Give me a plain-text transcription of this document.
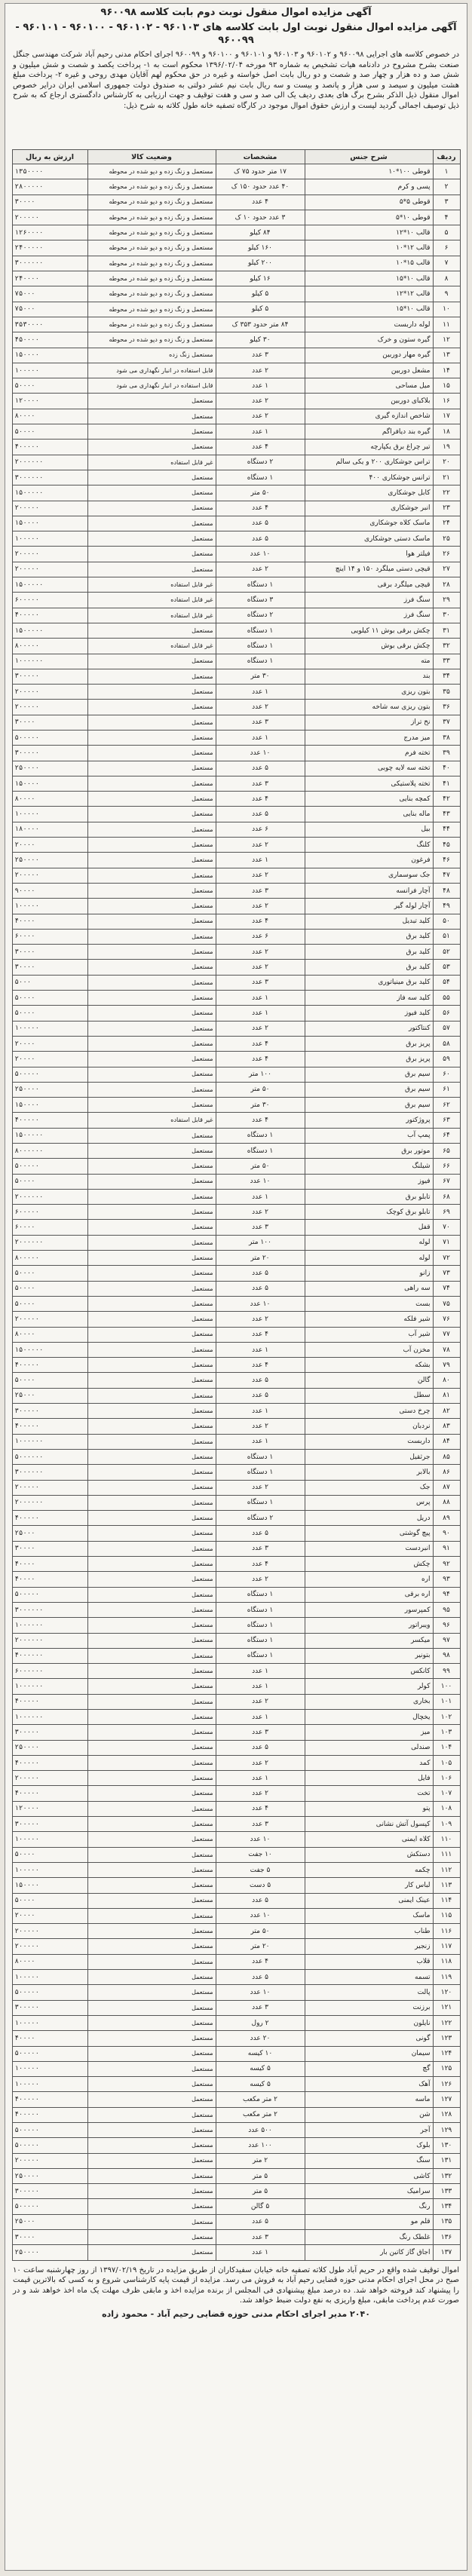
آگهی مزایده اموال منقول نوبت دوم بابت کلاسه ۹۶۰۰۹۸
آگهی مزایده اموال منقول نوبت اول بابت کلاسه های ۹۶۰۱۰۳ - ۹۶۰۱۰۲ - ۹۶۰۱۰۰ - ۹۶۰۱۰۱ - ۹۶۰۰۹۹
در خصوص کلاسه های اجرایی ۹۶۰۰۹۸ و ۹۶۰۱۰۲ و ۹۶۰۱۰۳ و ۹۶۰۱۰۱ و ۹۶۰۱۰۰ و ۹۶۰۰۹۹ اجرای احکام مدنی رحیم آباد شرکت مهندسی جنگل صنعت بشرح مشروح در دادنامه هیات تشخیص به شماره ۹۳ مورخه ۱۳۹۶/۰۲/۰۴ محکوم است به ۱- پرداخت یکصد و شصت و شش میلیون و شش صد و ده هزار و چهار صد و شصت و دو ریال بابت اصل خواسته و غیره در حق محکوم لهم آقایان مهدی روحی و غیره ۲- پرداخت مبلغ هشت میلیون و سیصد و سی هزار و پانصد و بیست و سه ریال بابت نیم عشر دولتی به صندوق دولت جمهوری اسلامی ایران درایر خصوص اموال منقول ذیل الذکر بشرح برگ های بعدی ردیف یک الی صد و سی و هفت توقیف و جهت ارزیابی به کارشناس دادگستری ارجاع که به شرح ذیل توصیف اجمالی گردید لیست و ارزش حقوق اموال موجود در کارگاه تصفیه خانه طول کلاته به شرح ذیل:
ردیف	شرح جنس	مشخصات	وضعیت کالا	ارزش به ریال
۱	قوطی ۱۰۰*۱۰	۱۷ متر حدود ۷۵ ک	مستعمل و زنگ زده و دپو شده در محوطه	۱۳۵۰۰۰۰
۲	پسی و کرم	۴۰ عدد حدود ۱۵۰ ک	مستعمل و زنگ زده و دپو شده در محوطه	۲۸۰۰۰۰۰
۳	قوطی ۵*۵	۴ عدد	مستعمل و زنگ زده و دپو شده در محوطه	۳۰۰۰۰
۴	قوطی ۱۰*۵	۳ عدد حدود ۱۰ ک	مستعمل و زنگ زده و دپو شده در محوطه	۲۰۰۰۰۰
۵	قالب ۱۰*۱۲	۸۴ کیلو	مستعمل و زنگ زده و دپو شده در محوطه	۱۲۶۰۰۰۰
۶	قالب ۱۲*۱۰	۱۶۰ کیلو	مستعمل و زنگ زده و دپو شده در محوطه	۲۴۰۰۰۰۰
۷	قالب ۱۵*۱۰	۲۰۰ کیلو	مستعمل و زنگ زده و دپو شده در محوطه	۳۰۰۰۰۰۰
۸	قالب ۱۰*۱۵	۱۶ کیلو	مستعمل و زنگ زده و دپو شده در محوطه	۲۴۰۰۰۰
۹	قالب ۱۲*۱۲	۵ کیلو	مستعمل و زنگ زده و دپو شده در محوطه	۷۵۰۰۰
۱۰	قالب ۱۰*۱۵	۵ کیلو	مستعمل و زنگ زده و دپو شده در محوطه	۷۵۰۰۰
۱۱	لوله داربست	۸۴ متر حدود ۳۵۳ ک	مستعمل و زنگ زده و دپو شده در محوطه	۳۵۳۰۰۰۰
۱۲	گیره ستون و خرک	۳۰ کیلو	مستعمل و زنگ زده و دپو شده در محوطه	۴۵۰۰۰۰
۱۳	گیره مهار دوربین	۳ عدد	مستعمل زنگ زده	۱۵۰۰۰۰
۱۴	مشعل دوربین	۲ عدد	قابل استفاده در انبار نگهداری می شود	۱۰۰۰۰۰
۱۵	میل مساحی	۱ عدد	قابل استفاده در انبار نگهداری می شود	۵۰۰۰۰
۱۶	بلاکبای دوربین	۲ عدد	مستعمل	۱۲۰۰۰۰
۱۷	شاخص اندازه گیری	۲ عدد	مستعمل	۸۰۰۰۰
۱۸	گیره بند دیافراگم	۱ عدد	مستعمل	۵۰۰۰۰
۱۹	تیر چراغ برق یکپارچه	۴ عدد	مستعمل	۴۰۰۰۰۰
۲۰	تراس جوشکاری ۲۰۰ و یکی سالم	۲ دستگاه	غیر قابل استفاده	۲۰۰۰۰۰۰
۲۱	ترانس جوشکاری ۴۰۰	۱ دستگاه	مستعمل	۳۰۰۰۰۰۰
۲۲	کابل جوشکاری	۵۰ متر	مستعمل	۱۵۰۰۰۰۰
۲۳	انبر جوشکاری	۴ عدد	مستعمل	۲۰۰۰۰۰
۲۴	ماسک کلاه جوشکاری	۵ عدد	مستعمل	۱۵۰۰۰۰
۲۵	ماسک دستی جوشکاری	۵ عدد	مستعمل	۱۰۰۰۰۰
۲۶	فیلتر هوا	۱۰ عدد	مستعمل	۲۰۰۰۰۰
۲۷	قیچی دستی میلگرد ۱۵۰ و ۱۴ اینچ	۲ عدد	مستعمل	۲۰۰۰۰۰
۲۸	قیچی میلگرد برقی	۱ دستگاه	غیر قابل استفاده	۱۵۰۰۰۰۰
۲۹	سنگ فرز	۳ دستگاه	غیر قابل استفاده	۶۰۰۰۰۰
۳۰	سنگ فرز	۲ دستگاه	غیر قابل استفاده	۴۰۰۰۰۰
۳۱	چکش برقی بوش ۱۱ کیلویی	۱ دستگاه	مستعمل	۱۵۰۰۰۰۰
۳۲	چکش برقی بوش	۱ دستگاه	غیر قابل استفاده	۸۰۰۰۰۰
۳۳	مته	۱ دستگاه	مستعمل	۱۰۰۰۰۰۰
۳۴	بند	۳۰ متر	مستعمل	۳۰۰۰۰۰
۳۵	بتون ریزی	۱ عدد	مستعمل	۲۰۰۰۰۰
۳۶	بتون ریزی سه شاخه	۲ عدد	مستعمل	۲۰۰۰۰۰
۳۷	نخ تراز	۳ عدد	مستعمل	۳۰۰۰۰
۳۸	میز مدرج	۱ عدد	مستعمل	۵۰۰۰۰۰
۳۹	تخته فرم	۱۰ عدد	مستعمل	۳۰۰۰۰۰
۴۰	تخته سه لایه چوبی	۵ عدد	مستعمل	۲۵۰۰۰۰
۴۱	تخته پلاستیکی	۳ عدد	مستعمل	۱۵۰۰۰۰
۴۲	کمچه بنایی	۴ عدد	مستعمل	۸۰۰۰۰
۴۳	ماله بنایی	۵ عدد	مستعمل	۱۰۰۰۰۰
۴۴	بیل	۶ عدد	مستعمل	۱۸۰۰۰۰
۴۵	کلنگ	۲ عدد	مستعمل	۲۰۰۰۰
۴۶	فرغون	۱ عدد	مستعمل	۲۵۰۰۰۰
۴۷	جک سوسماری	۲ عدد	مستعمل	۲۰۰۰۰۰
۴۸	آچار فرانسه	۳ عدد	مستعمل	۹۰۰۰۰
۴۹	آچار لوله گیر	۲ عدد	مستعمل	۱۰۰۰۰۰
۵۰	کلید تبدیل	۴ عدد	مستعمل	۴۰۰۰۰
۵۱	کلید برق	۶ عدد	مستعمل	۶۰۰۰۰
۵۲	کلید برق	۲ عدد	مستعمل	۳۰۰۰۰
۵۳	کلید برق	۲ عدد	مستعمل	۳۰۰۰۰
۵۴	کلید برق مینیاتوری	۳ عدد	مستعمل	۵۰۰۰
۵۵	کلید سه فاز	۱ عدد	مستعمل	۵۰۰۰۰
۵۶	کلید فیوز	۱ عدد	مستعمل	۵۰۰۰۰
۵۷	کنتاکتور	۲ عدد	مستعمل	۱۰۰۰۰۰
۵۸	پریز برق	۴ عدد	مستعمل	۲۰۰۰۰
۵۹	پریز برق	۴ عدد	مستعمل	۲۰۰۰۰
۶۰	سیم برق	۱۰۰ متر	مستعمل	۵۰۰۰۰۰
۶۱	سیم برق	۵۰ متر	مستعمل	۲۵۰۰۰۰
۶۲	سیم برق	۳۰ متر	مستعمل	۱۵۰۰۰۰
۶۳	پروژکتور	۴ عدد	غیر قابل استفاده	۴۰۰۰۰۰
۶۴	پمپ آب	۱ دستگاه	مستعمل	۱۵۰۰۰۰۰
۶۵	موتور برق	۱ دستگاه	مستعمل	۸۰۰۰۰۰۰
۶۶	شیلنگ	۵۰ متر	مستعمل	۵۰۰۰۰۰
۶۷	فیوز	۱۰ عدد	مستعمل	۵۰۰۰۰
۶۸	تابلو برق	۱ عدد	مستعمل	۲۰۰۰۰۰۰
۶۹	تابلو برق کوچک	۲ عدد	مستعمل	۶۰۰۰۰۰
۷۰	قفل	۳ عدد	مستعمل	۶۰۰۰۰
۷۱	لوله	۱۰۰ متر	مستعمل	۲۰۰۰۰۰۰
۷۲	لوله	۲۰ متر	مستعمل	۸۰۰۰۰۰
۷۳	زانو	۵ عدد	مستعمل	۵۰۰۰۰
۷۴	سه راهی	۵ عدد	مستعمل	۵۰۰۰۰
۷۵	بست	۱۰ عدد	مستعمل	۵۰۰۰۰
۷۶	شیر فلکه	۲ عدد	مستعمل	۲۰۰۰۰۰
۷۷	شیر آب	۴ عدد	مستعمل	۸۰۰۰۰
۷۸	مخزن آب	۱ عدد	مستعمل	۱۵۰۰۰۰۰
۷۹	بشکه	۴ عدد	مستعمل	۴۰۰۰۰۰
۸۰	گالن	۵ عدد	مستعمل	۵۰۰۰۰
۸۱	سطل	۵ عدد	مستعمل	۲۵۰۰۰
۸۲	چرخ دستی	۱ عدد	مستعمل	۳۰۰۰۰۰
۸۳	نردبان	۲ عدد	مستعمل	۴۰۰۰۰۰
۸۴	داربست	۱ عدد	مستعمل	۱۰۰۰۰۰۰
۸۵	جرثقیل	۱ دستگاه	مستعمل	۵۰۰۰۰۰۰
۸۶	بالابر	۱ دستگاه	مستعمل	۳۰۰۰۰۰۰
۸۷	جک	۲ عدد	مستعمل	۲۰۰۰۰۰
۸۸	پرس	۱ دستگاه	مستعمل	۲۰۰۰۰۰۰
۸۹	دریل	۲ دستگاه	مستعمل	۴۰۰۰۰۰
۹۰	پیچ گوشتی	۵ عدد	مستعمل	۲۵۰۰۰
۹۱	انبردست	۳ عدد	مستعمل	۳۰۰۰۰
۹۲	چکش	۴ عدد	مستعمل	۴۰۰۰۰
۹۳	اره	۲ عدد	مستعمل	۴۰۰۰۰
۹۴	اره برقی	۱ دستگاه	مستعمل	۵۰۰۰۰۰
۹۵	کمپرسور	۱ دستگاه	مستعمل	۳۰۰۰۰۰۰
۹۶	ویبراتور	۱ دستگاه	مستعمل	۱۰۰۰۰۰۰
۹۷	میکسر	۱ دستگاه	مستعمل	۲۰۰۰۰۰۰
۹۸	بتونیر	۱ دستگاه	مستعمل	۴۰۰۰۰۰۰
۹۹	کانکس	۱ عدد	مستعمل	۶۰۰۰۰۰۰
۱۰۰	کولر	۱ عدد	مستعمل	۱۰۰۰۰۰۰
۱۰۱	بخاری	۲ عدد	مستعمل	۴۰۰۰۰۰
۱۰۲	یخچال	۱ عدد	مستعمل	۱۰۰۰۰۰۰
۱۰۳	میز	۳ عدد	مستعمل	۳۰۰۰۰۰
۱۰۴	صندلی	۵ عدد	مستعمل	۲۵۰۰۰۰
۱۰۵	کمد	۲ عدد	مستعمل	۴۰۰۰۰۰
۱۰۶	فایل	۱ عدد	مستعمل	۲۰۰۰۰۰
۱۰۷	تخت	۲ عدد	مستعمل	۴۰۰۰۰۰
۱۰۸	پتو	۴ عدد	مستعمل	۱۲۰۰۰۰
۱۰۹	کپسول آتش نشانی	۳ عدد	مستعمل	۳۰۰۰۰۰
۱۱۰	کلاه ایمنی	۱۰ عدد	مستعمل	۱۰۰۰۰۰
۱۱۱	دستکش	۱۰ جفت	مستعمل	۵۰۰۰۰
۱۱۲	چکمه	۵ جفت	مستعمل	۱۰۰۰۰۰
۱۱۳	لباس کار	۵ دست	مستعمل	۱۵۰۰۰۰
۱۱۴	عینک ایمنی	۵ عدد	مستعمل	۵۰۰۰۰
۱۱۵	ماسک	۱۰ عدد	مستعمل	۲۰۰۰۰
۱۱۶	طناب	۵۰ متر	مستعمل	۲۰۰۰۰۰
۱۱۷	زنجیر	۲۰ متر	مستعمل	۲۰۰۰۰۰
۱۱۸	قلاب	۴ عدد	مستعمل	۸۰۰۰۰
۱۱۹	تسمه	۵ عدد	مستعمل	۱۰۰۰۰۰
۱۲۰	پالت	۱۰ عدد	مستعمل	۵۰۰۰۰۰
۱۲۱	برزنت	۳ عدد	مستعمل	۳۰۰۰۰۰
۱۲۲	نایلون	۲ رول	مستعمل	۱۰۰۰۰۰
۱۲۳	گونی	۲۰ عدد	مستعمل	۴۰۰۰۰
۱۲۴	سیمان	۱۰ کیسه	مستعمل	۵۰۰۰۰۰
۱۲۵	گچ	۵ کیسه	مستعمل	۱۰۰۰۰۰
۱۲۶	آهک	۵ کیسه	مستعمل	۱۰۰۰۰۰
۱۲۷	ماسه	۲ متر مکعب	مستعمل	۴۰۰۰۰۰
۱۲۸	شن	۲ متر مکعب	مستعمل	۴۰۰۰۰۰
۱۲۹	آجر	۵۰۰ عدد	مستعمل	۵۰۰۰۰۰
۱۳۰	بلوک	۱۰۰ عدد	مستعمل	۵۰۰۰۰۰
۱۳۱	سنگ	۲ متر	مستعمل	۲۰۰۰۰۰
۱۳۲	کاشی	۵ متر	مستعمل	۲۵۰۰۰۰
۱۳۳	سرامیک	۵ متر	مستعمل	۳۰۰۰۰۰
۱۳۴	رنگ	۵ گالن	مستعمل	۵۰۰۰۰۰
۱۳۵	قلم مو	۵ عدد	مستعمل	۲۵۰۰۰
۱۳۶	غلطک رنگ	۳ عدد	مستعمل	۳۰۰۰۰
۱۳۷	اجاق گاز کاتین بار	۱ عدد	مستعمل	۲۵۰۰۰۰
اموال توقیف شده واقع در حریم آباد طول کلاته تصفیه خانه خیابان سفیدکاران از طریق مزایده در تاریخ ۱۳۹۷/۰۲/۱۹ از روز چهارشنبه ساعت ۱۰ صبح در محل اجرای احکام مدنی حوزه قضایی رحیم آباد به فروش می رسد. مزایده از قیمت پایه کارشناسی شروع و به کسی که بالاترین قیمت را پیشنهاد کند فروخته خواهد شد. ده درصد مبلغ پیشنهادی فی المجلس از برنده مزایده اخذ و مابقی ظرف مهلت یک ماه اخذ خواهد شد و در صورت عدم پرداخت مابقی، مبلغ واریزی به نفع دولت ضبط خواهد شد.
۲۰۴۰ مدیر اجرای احکام مدنی حوزه قضایی رحیم آباد - محمود زاده
